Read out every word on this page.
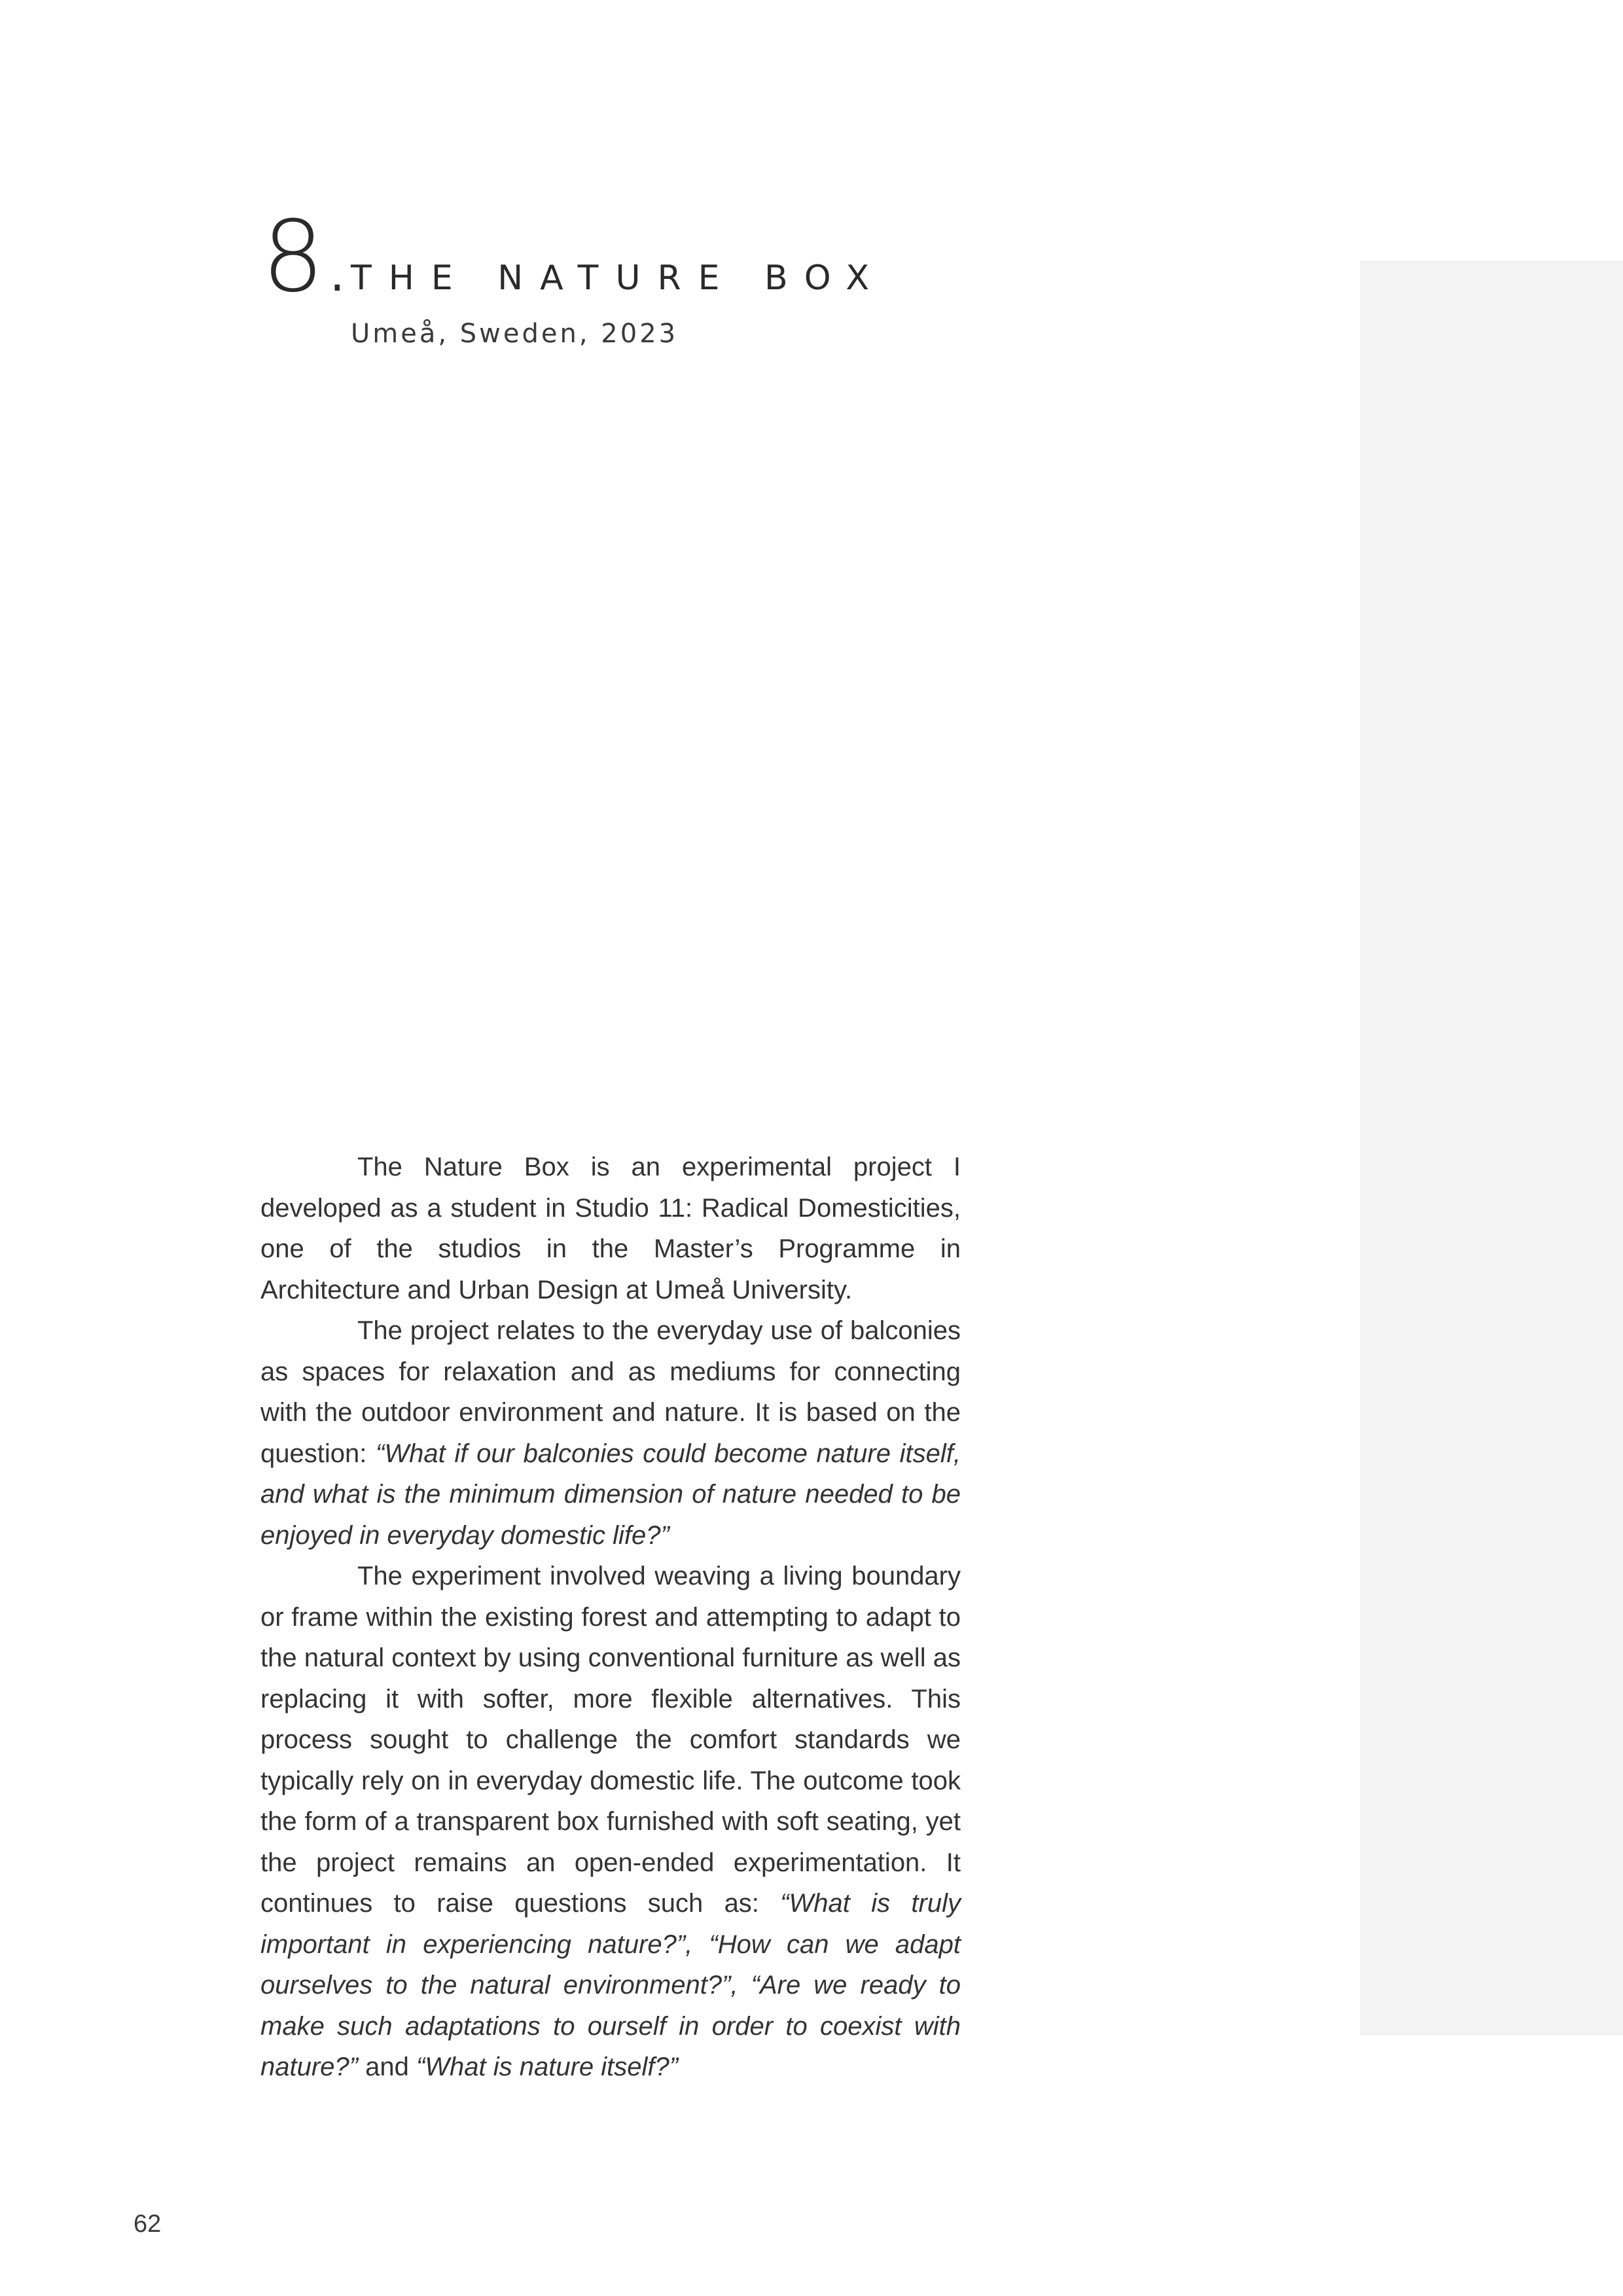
8. THE NATURE BOX
Umeå, Sweden, 2023

The Nature Box is an experimental project I developed as a student in Studio 11: Radical Domesticities, one of the studios in the Master’s Programme in Architecture and Urban Design at Umeå University.

The project relates to the everyday use of balconies as spaces for relaxation and as mediums for connecting with the outdoor environment and nature. It is based on the question: “What if our balconies could become nature itself, and what is the minimum dimension of nature needed to be enjoyed in everyday domestic life?”

The experiment involved weaving a living boundary or frame within the existing forest and attempting to adapt to the natural context by using conventional furniture as well as replacing it with softer, more flexible alternatives. This process sought to challenge the comfort standards we typically rely on in everyday domestic life. The outcome took the form of a transparent box furnished with soft seating, yet the project remains an open-ended experimentation. It continues to raise questions such as: “What is truly important in experiencing nature?”, “How can we adapt ourselves to the natural environment?”, “Are we ready to make such adaptations to ourself in order to coexist with nature?” and “What is nature itself?”

62
